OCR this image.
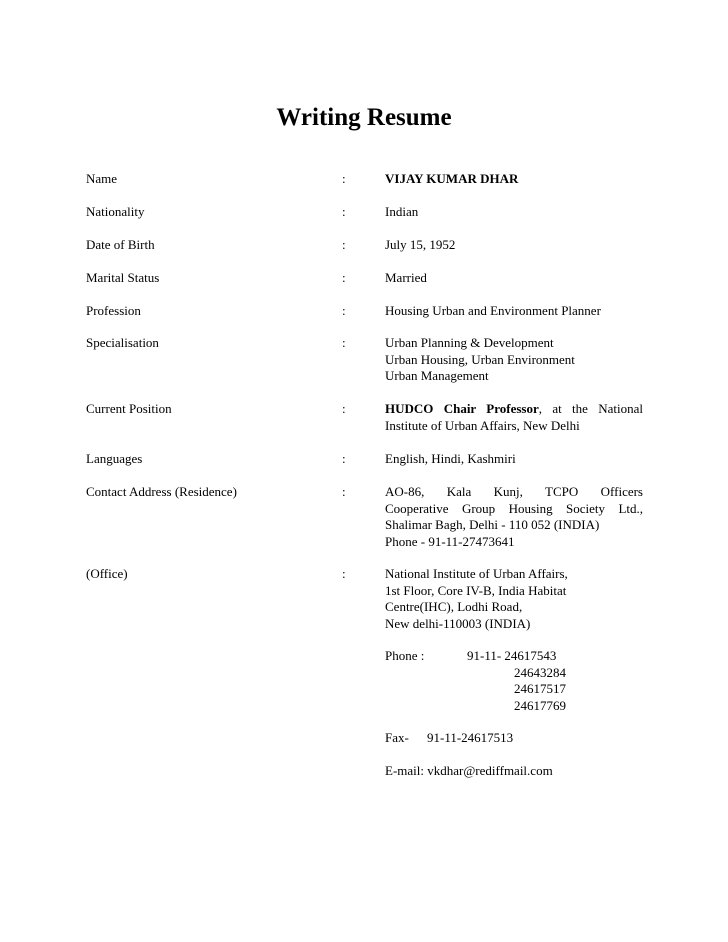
Writing Resume
Name	:	VIJAY KUMAR DHAR
Nationality	:	Indian
Date of Birth	:	July 15, 1952
Marital Status	:	Married
Profession	:	Housing Urban and Environment Planner
Specialisation	:	Urban Planning & Development
Urban Housing, Urban Environment
Urban Management
Current Position	:	HUDCO Chair Professor, at the National
Institute of Urban Affairs, New Delhi
Languages	:	English, Hindi, Kashmiri
Contact Address (Residence)	:	AO-86, Kala Kunj, TCPO Officers
Cooperative Group Housing Society Ltd.,
Shalimar Bagh, Delhi - 110 052 (INDIA)
Phone - 91-11-27473641
(Office)	:	National Institute of Urban Affairs,
1st Floor, Core IV-B, India Habitat
Centre(IHC), Lodhi Road,
New delhi-110003 (INDIA)
Phone :	91-11- 24617543
24643284
24617517
24617769
Fax- 91-11-24617513
E-mail: vkdhar@rediffmail.com
